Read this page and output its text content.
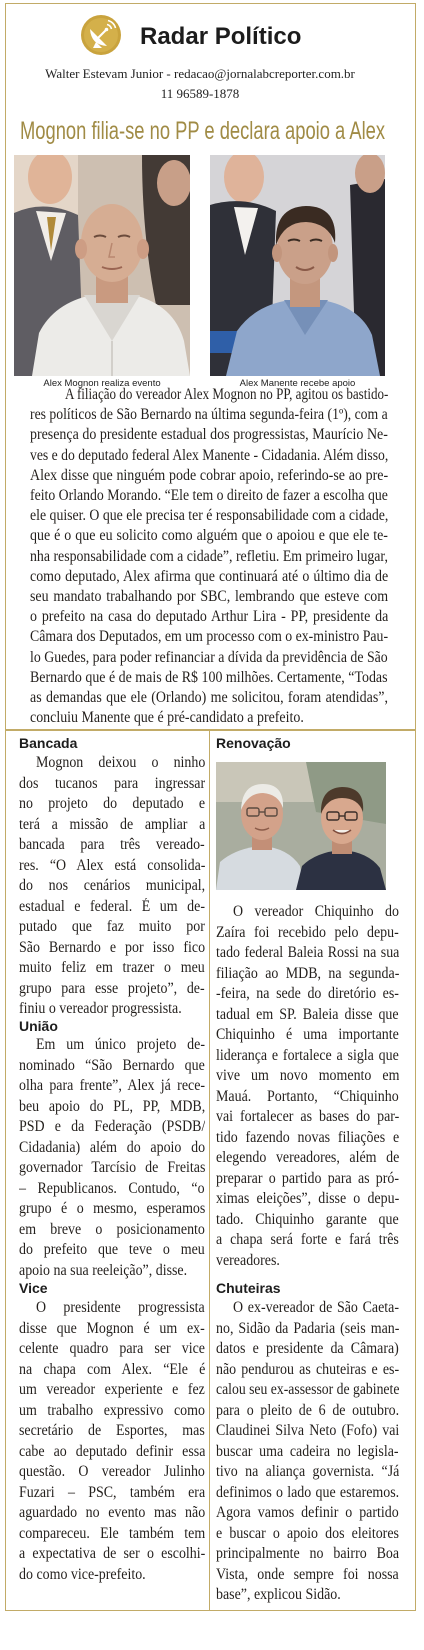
Radar Político
Walter Estevam Junior - redacao@jornalabcreporter.com.br
11 96589-1878
Mognon filia-se no PP e declara apoio a Alex
Alex Mognon realiza evento	Alex Manente recebe apoio
A filiação do vereador Alex Mognon no PP, agitou os bastido-
res políticos de São Bernardo na última segunda-feira (1º), com a
presença do presidente estadual dos progressistas, Maurício Ne-
ves e do deputado federal Alex Manente - Cidadania. Além disso,
Alex disse que ninguém pode cobrar apoio, referindo-se ao pre-
feito Orlando Morando. “Ele tem o direito de fazer a escolha que
ele quiser. O que ele precisa ter é responsabilidade com a cidade,
que é o que eu solicito como alguém que o apoiou e que ele te-
nha responsabilidade com a cidade”, refletiu. Em primeiro lugar,
como deputado, Alex afirma que continuará até o último dia de
seu mandato trabalhando por SBC, lembrando que esteve com
o prefeito na casa do deputado Arthur Lira - PP, presidente da
Câmara dos Deputados, em um processo com o ex-ministro Pau-
lo Guedes, para poder refinanciar a dívida da previdência de São
Bernardo que é de mais de R$ 100 milhões. Certamente, “Todas
as demandas que ele (Orlando) me solicitou, foram atendidas”,
concluiu Manente que é pré-candidato a prefeito.
Bancada
Mognon deixou o ninho
dos tucanos para ingressar
no projeto do deputado e
terá a missão de ampliar a
bancada para três vereado-
res. “O Alex está consolida-
do nos cenários municipal,
estadual e federal. É um de-
putado que faz muito por
São Bernardo e por isso fico
muito feliz em trazer o meu
grupo para esse projeto”, de-
finiu o vereador progressista.
União
Em um único projeto de-
nominado “São Bernardo que
olha para frente”, Alex já rece-
beu apoio do PL, PP, MDB,
PSD e da Federação (PSDB/
Cidadania) além do apoio do
governador Tarcísio de Freitas
– Republicanos. Contudo, “o
grupo é o mesmo, esperamos
em breve o posicionamento
do prefeito que teve o meu
apoio na sua reeleição”, disse.
Vice
O presidente progressista
disse que Mognon é um ex-
celente quadro para ser vice
na chapa com Alex. “Ele é
um vereador experiente e fez
um trabalho expressivo como
secretário de Esportes, mas
cabe ao deputado definir essa
questão. O vereador Julinho
Fuzari – PSC, também era
aguardado no evento mas não
compareceu. Ele também tem
a expectativa de ser o escolhi-
do como vice-prefeito.
Renovação
O vereador Chiquinho do
Zaíra foi recebido pelo depu-
tado federal Baleia Rossi na sua
filiação ao MDB, na segunda-
-feira, na sede do diretório es-
tadual em SP. Baleia disse que
Chiquinho é uma importante
liderança e fortalece a sigla que
vive um novo momento em
Mauá. Portanto, “Chiquinho
vai fortalecer as bases do par-
tido fazendo novas filiações e
elegendo vereadores, além de
preparar o partido para as pró-
ximas eleições”, disse o depu-
tado. Chiquinho garante que
a chapa será forte e fará três
vereadores.
Chuteiras
O ex-vereador de São Caeta-
no, Sidão da Padaria (seis man-
datos e presidente da Câmara)
não pendurou as chuteiras e es-
calou seu ex-assessor de gabinete
para o pleito de 6 de outubro.
Claudinei Silva Neto (Fofo) vai
buscar uma cadeira no legisla-
tivo na aliança governista. “Já
definimos o lado que estaremos.
Agora vamos definir o partido
e buscar o apoio dos eleitores
principalmente no bairro Boa
Vista, onde sempre foi nossa
base”, explicou Sidão.
